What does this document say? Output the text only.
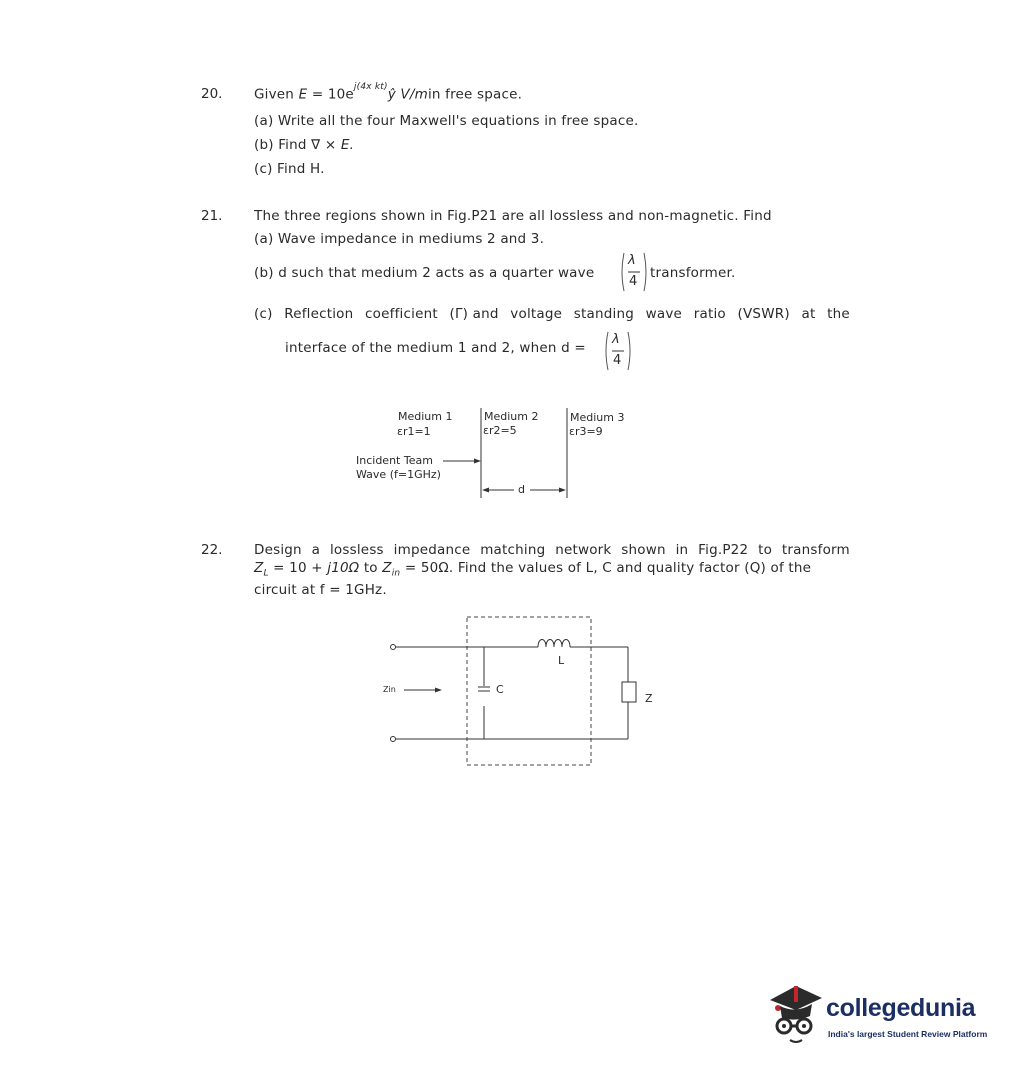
20. Given $E = 10e^{j(4x kt)}ŷ$ V/min free space.
(a) Write all the four Maxwell's equations in free space.
(b) Find ∇ × E.
(c) Find H.
21. The three regions shown in Fig.P21 are all lossless and non-magnetic. Find
(a) Wave impedance in mediums 2 and 3.
(b) d such that medium 2 acts as a quarter wave
λ
4
transformer.
(c) Reflection coefficient (Γ) and voltage standing wave ratio (VSWR) at the
interface of the medium 1 and 2, when d =
λ
4
Medium 1
εr1=1
Medium 2
εr2=5
Medium 3
εr3=9
Incident Team
Wave (f=1GHz)
d
22. Design a lossless impedance matching network shown in Fig.P22 to transform
$Z_L = 10 + j10\Omega$ to $Z_{in} = 50\Omega$. Find the values of L, C and quality factor (Q) of the
circuit at f = 1GHz.
Zin	C
L
Z
collegedunia
India's largest Student Review Platform
